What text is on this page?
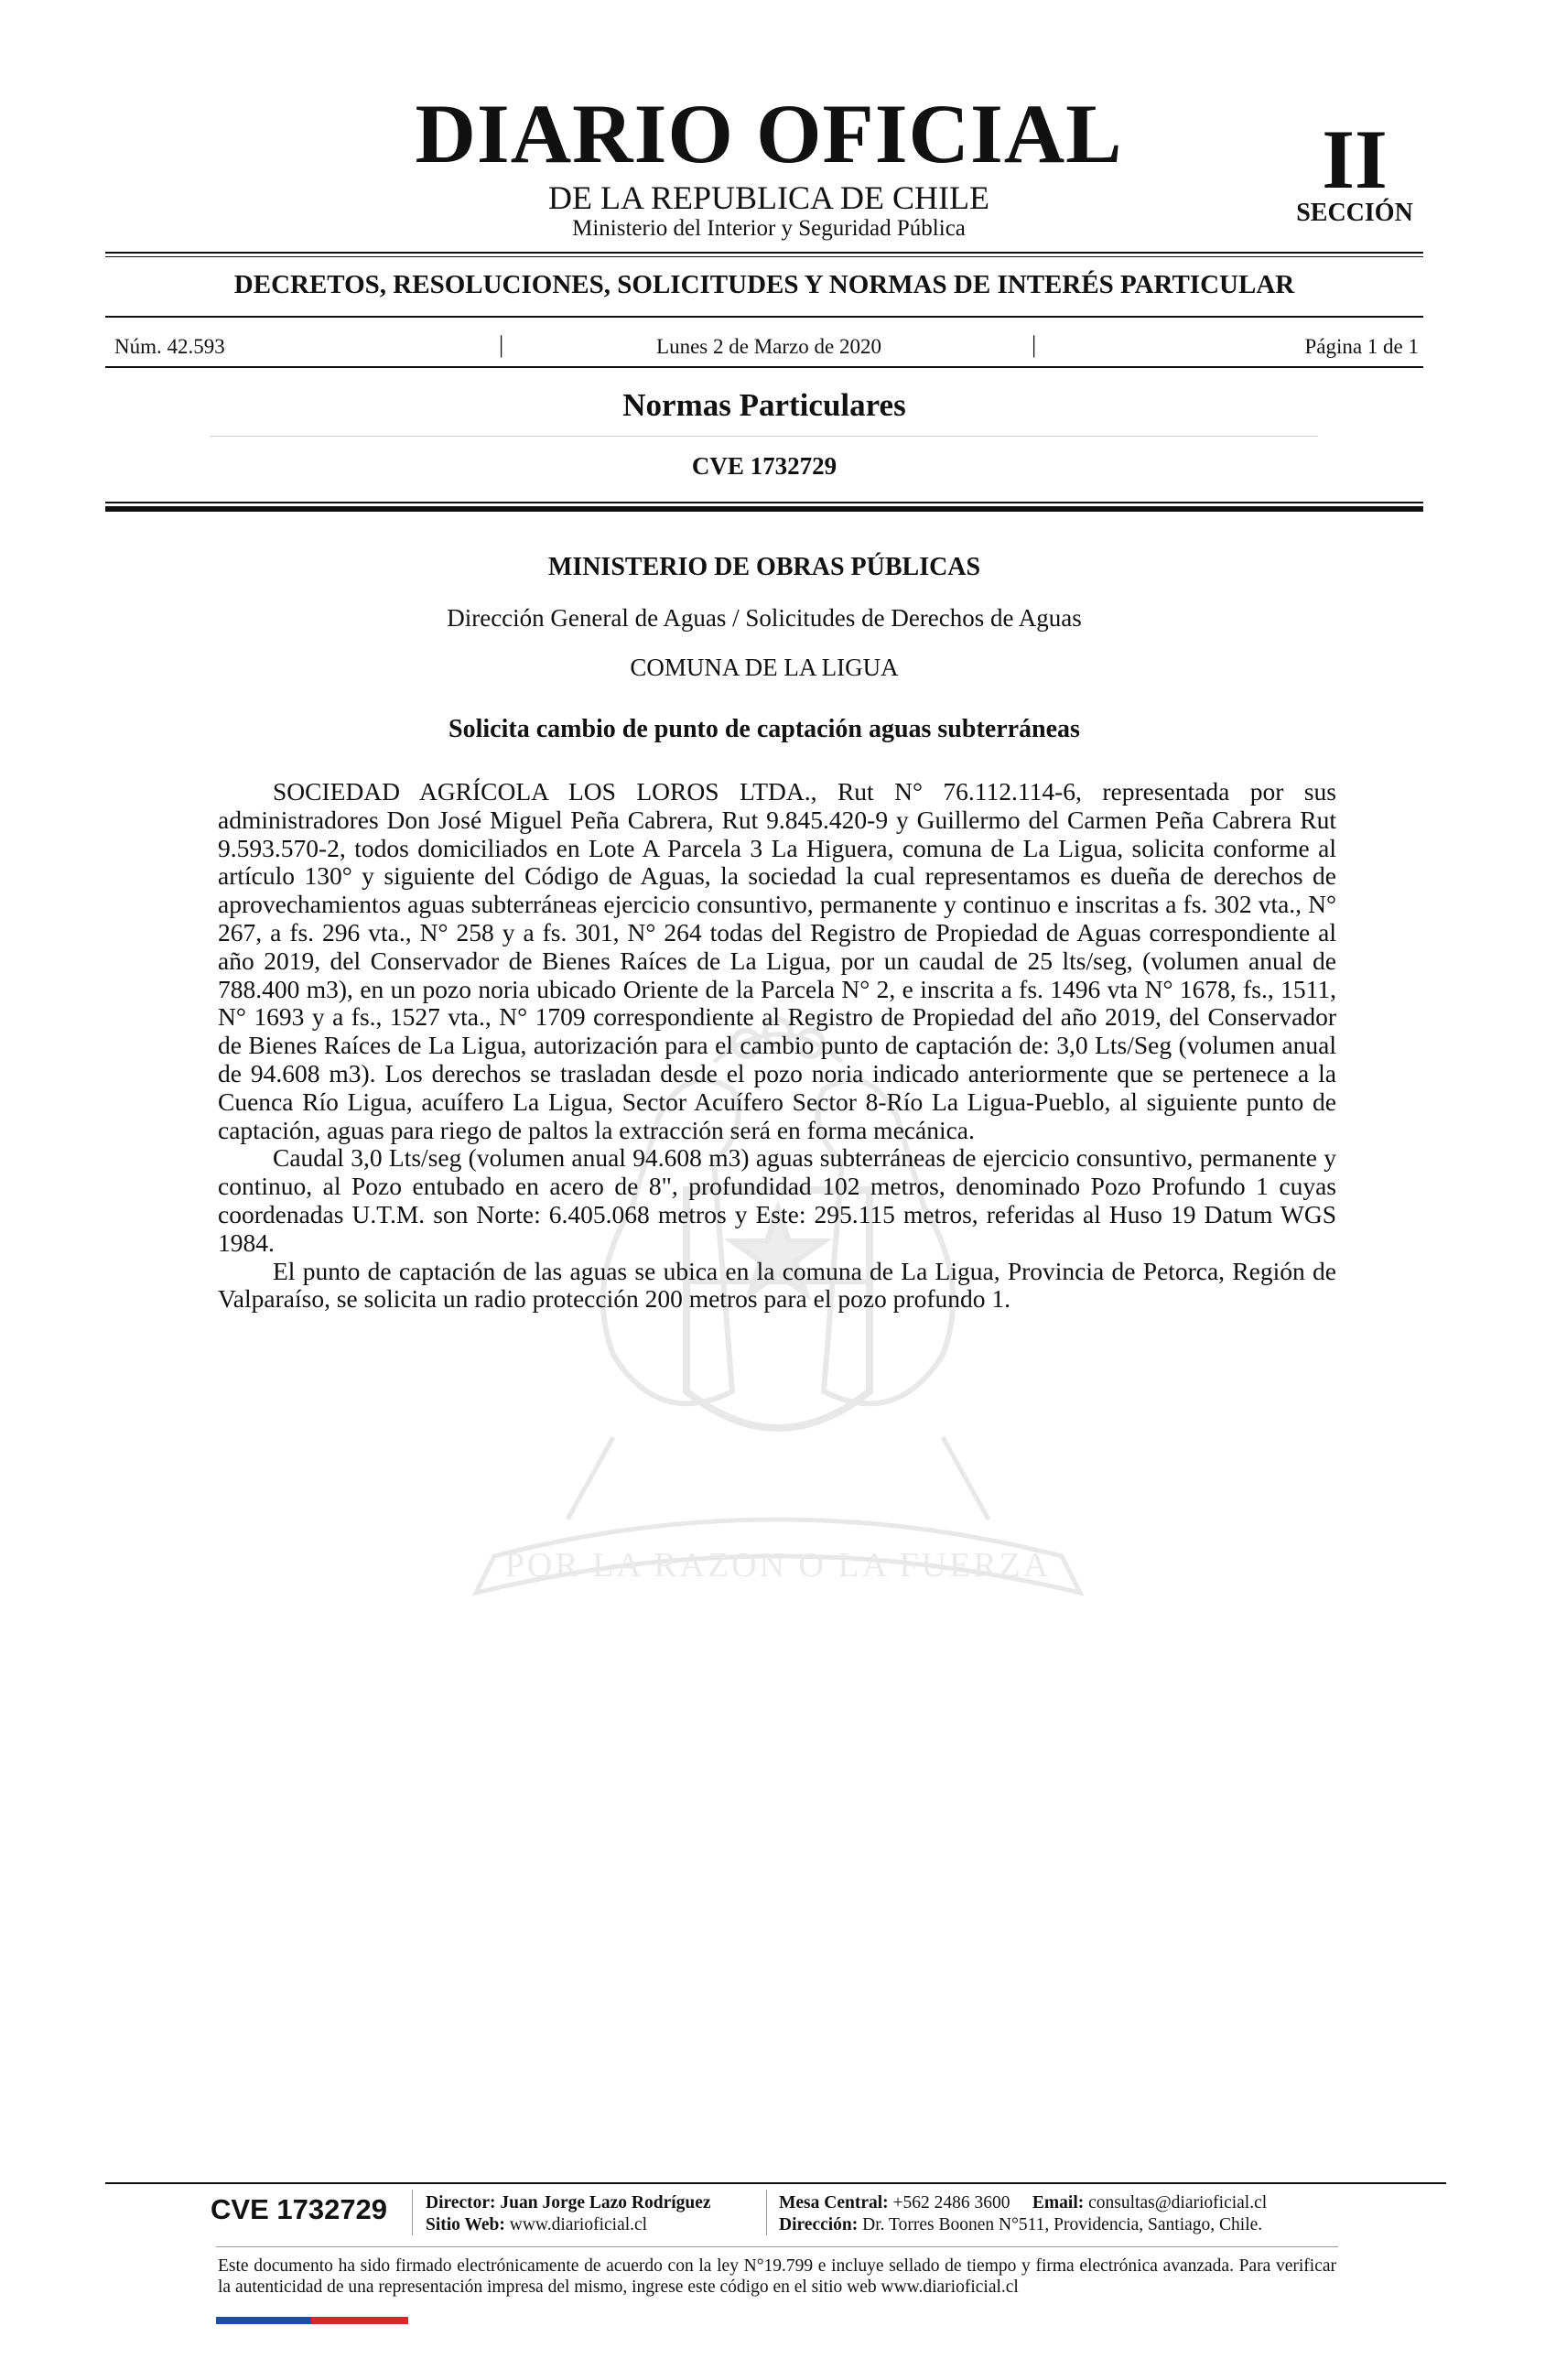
DIARIO OFICIAL
DE LA REPUBLICA DE CHILE
Ministerio del Interior y Seguridad Pública
II
SECCIÓN
DECRETOS, RESOLUCIONES, SOLICITUDES Y NORMAS DE INTERÉS PARTICULAR
Núm. 42.593	|	Lunes 2 de Marzo de 2020	|	Página 1 de 1
Normas Particulares
CVE 1732729
POR LA RAZON O LA FUERZA
MINISTERIO DE OBRAS PÚBLICAS
Dirección General de Aguas / Solicitudes de Derechos de Aguas
COMUNA DE LA LIGUA
Solicita cambio de punto de captación aguas subterráneas

SOCIEDAD AGRÍCOLA LOS LOROS LTDA., Rut N° 76.112.114-6, representada por sus administradores Don José Miguel Peña Cabrera, Rut 9.845.420-9 y Guillermo del Carmen Peña Cabrera Rut 9.593.570-2, todos domiciliados en Lote A Parcela 3 La Higuera, comuna de La Ligua, solicita conforme al artículo 130° y siguiente del Código de Aguas, la sociedad la cual representamos es dueña de derechos de aprovechamientos aguas subterráneas ejercicio consuntivo, permanente y continuo e inscritas a fs. 302 vta., N° 267, a fs. 296 vta., N° 258 y a fs. 301, N° 264 todas del Registro de Propiedad de Aguas correspondiente al año 2019, del Conservador de Bienes Raíces de La Ligua, por un caudal de 25 lts/seg, (volumen anual de 788.400 m3), en un pozo noria ubicado Oriente de la Parcela N° 2, e inscrita a fs. 1496 vta N° 1678, fs., 1511, N° 1693 y a fs., 1527 vta., N° 1709 correspondiente al Registro de Propiedad del año 2019, del Conservador de Bienes Raíces de La Ligua, autorización para el cambio punto de captación de: 3,0 Lts/Seg (volumen anual de 94.608 m3). Los derechos se trasladan desde el pozo noria indicado anteriormente que se pertenece a la Cuenca Río Ligua, acuífero La Ligua, Sector Acuífero Sector 8-Río La Ligua-Pueblo, al siguiente punto de captación, aguas para riego de paltos la extracción será en forma mecánica.

Caudal 3,0 Lts/seg (volumen anual 94.608 m3) aguas subterráneas de ejercicio consuntivo, permanente y continuo, al Pozo entubado en acero de 8", profundidad 102 metros, denominado Pozo Profundo 1 cuyas coordenadas U.T.M. son Norte: 6.405.068 metros y Este: 295.115 metros, referidas al Huso 19 Datum WGS 1984.

El punto de captación de las aguas se ubica en la comuna de La Ligua, Provincia de Petorca, Región de Valparaíso, se solicita un radio protección 200 metros para el pozo profundo 1.

CVE 1732729 Director: Juan Jorge Lazo Rodríguez
Sitio Web: www.diarioficial.cl
Mesa Central: +562 2486 3600 Email: consultas@diarioficial.cl
Dirección: Dr. Torres Boonen N°511, Providencia, Santiago, Chile.
Este documento ha sido firmado electrónicamente de acuerdo con la ley N°19.799 e incluye sellado de tiempo y firma electrónica avanzada. Para verificar la autenticidad de una representación impresa del mismo, ingrese este código en el sitio web www.diarioficial.cl
